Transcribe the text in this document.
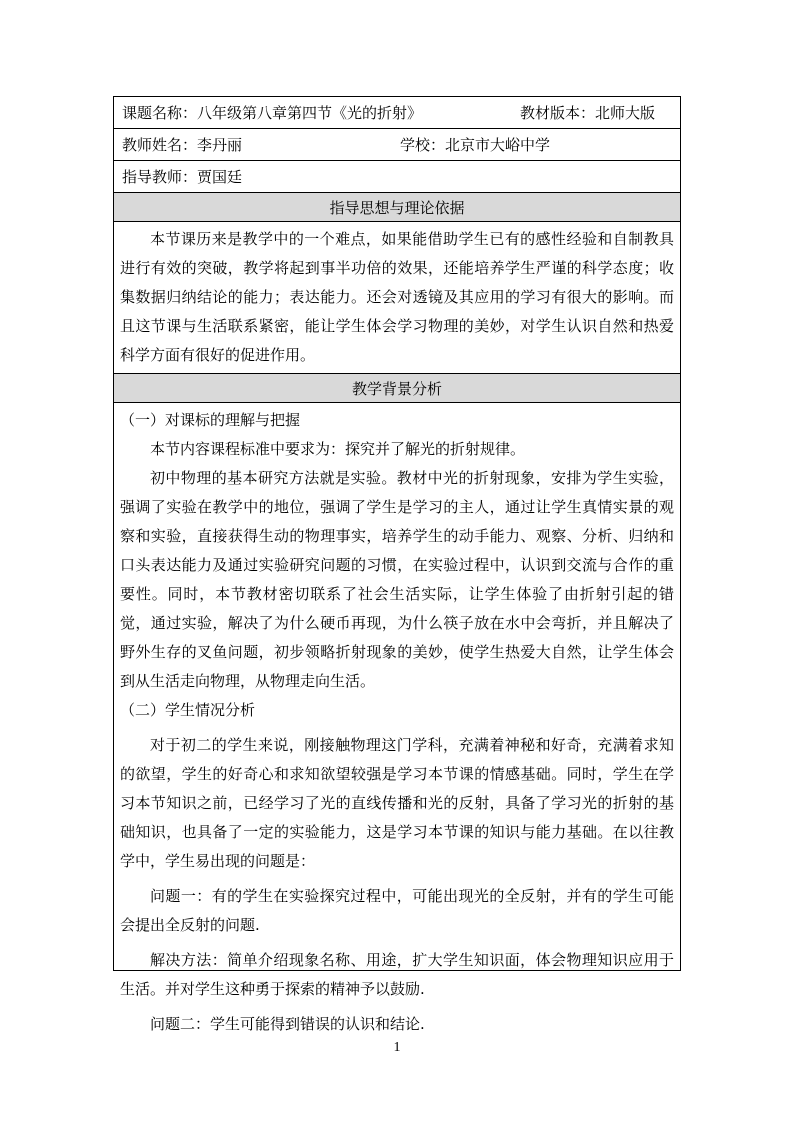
课题名称：八年级第八章第四节《光的折射》	教材版本：北师大版
教师姓名：李丹丽	学校：北京市大峪中学
指导教师：贾国廷
指导思想与理论依据

本节课历来是教学中的一个难点，如果能借助学生已有的感性经验和自制教具进行有效的突破，教学将起到事半功倍的效果，还能培养学生严谨的科学态度；收集数据归纳结论的能力；表达能力。还会对透镜及其应用的学习有很大的影响。而且这节课与生活联系紧密，能让学生体会学习物理的美妙，对学生认识自然和热爱科学方面有很好的促进作用。

教学背景分析

（一）对课标的理解与把握

本节内容课程标准中要求为：探究并了解光的折射规律。

初中物理的基本研究方法就是实验。教材中光的折射现象，安排为学生实验，强调了实验在教学中的地位，强调了学生是学习的主人，通过让学生真情实景的观察和实验，直接获得生动的物理事实，培养学生的动手能力、观察、分析、归纳和口头表达能力及通过实验研究问题的习惯，在实验过程中，认识到交流与合作的重要性。同时，本节教材密切联系了社会生活实际，让学生体验了由折射引起的错觉，通过实验，解决了为什么硬币再现，为什么筷子放在水中会弯折，并且解决了野外生存的叉鱼问题，初步领略折射现象的美妙，使学生热爱大自然，让学生体会到从生活走向物理，从物理走向生活。

（二）学生情况分析

对于初二的学生来说，刚接触物理这门学科，充满着神秘和好奇，充满着求知的欲望，学生的好奇心和求知欲望较强是学习本节课的情感基础。同时，学生在学习本节知识之前，已经学习了光的直线传播和光的反射，具备了学习光的折射的基础知识，也具备了一定的实验能力，这是学习本节课的知识与能力基础。在以往教学中，学生易出现的问题是：

问题一：有的学生在实验探究过程中，可能出现光的全反射，并有的学生可能会提出全反射的问题.

解决方法：简单介绍现象名称、用途，扩大学生知识面，体会物理知识应用于生活。并对学生这种勇于探索的精神予以鼓励.

问题二：学生可能得到错误的认识和结论.

1
